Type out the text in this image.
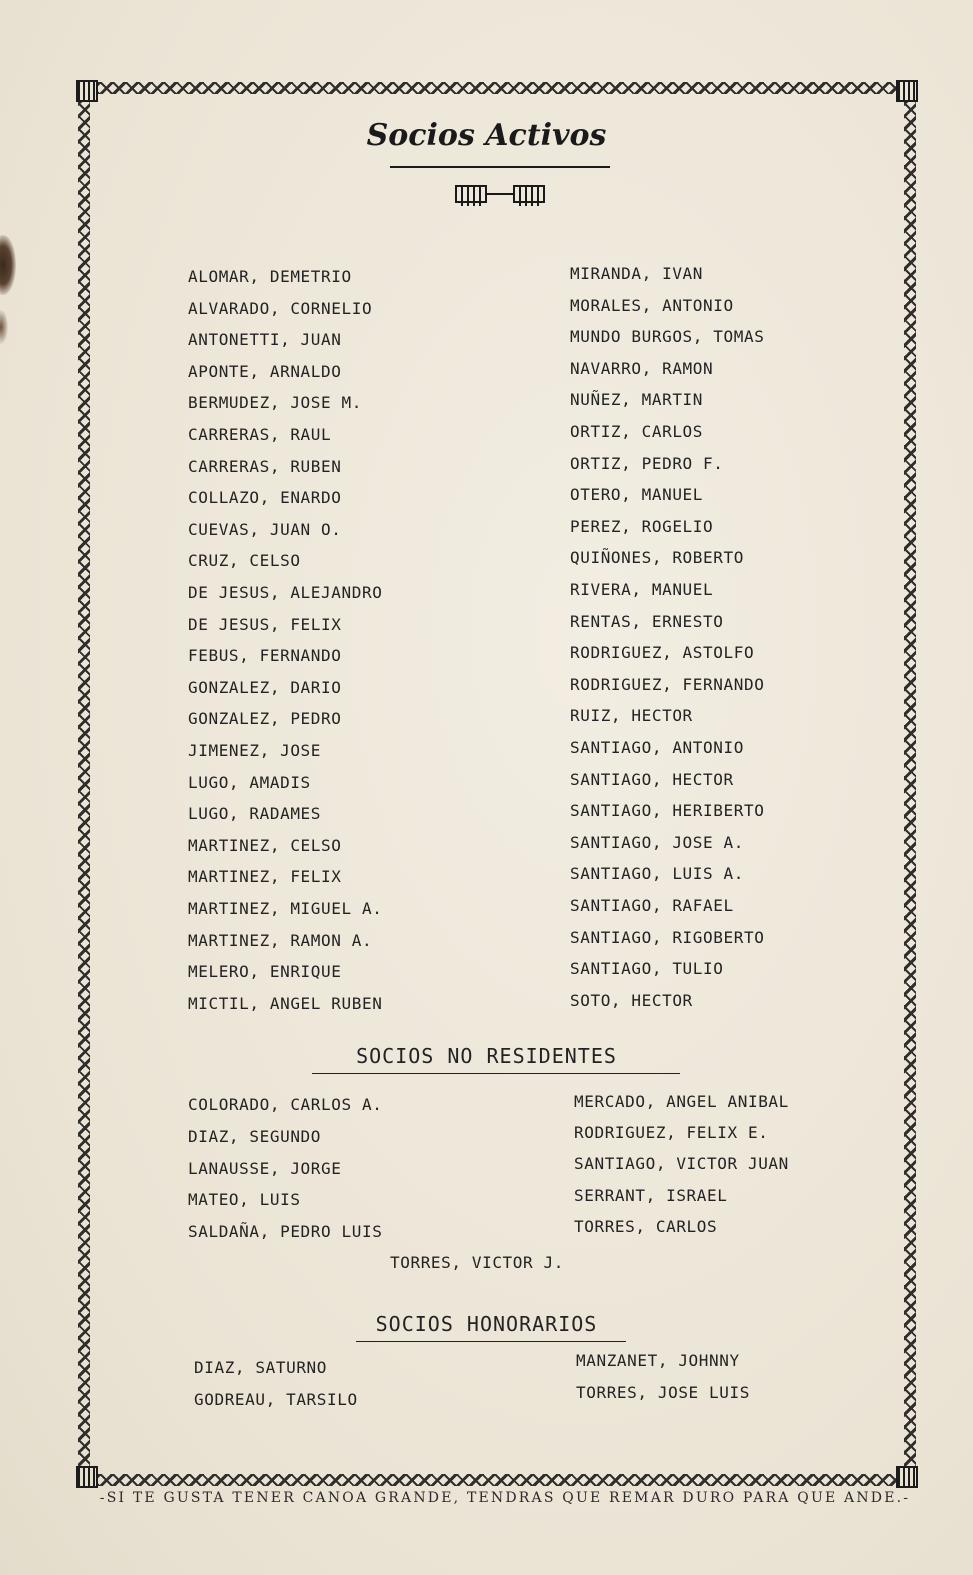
Socios Activos
ALOMAR, DEMETRIO
ALVARADO, CORNELIO
ANTONETTI, JUAN
APONTE, ARNALDO
BERMUDEZ, JOSE M.
CARRERAS, RAUL
CARRERAS, RUBEN
COLLAZO, ENARDO
CUEVAS, JUAN O.
CRUZ, CELSO
DE JESUS, ALEJANDRO
DE JESUS, FELIX
FEBUS, FERNANDO
GONZALEZ, DARIO
GONZALEZ, PEDRO
JIMENEZ, JOSE
LUGO, AMADIS
LUGO, RADAMES
MARTINEZ, CELSO
MARTINEZ, FELIX
MARTINEZ, MIGUEL A.
MARTINEZ, RAMON A.
MELERO, ENRIQUE
MICTIL, ANGEL RUBEN
MIRANDA, IVAN
MORALES, ANTONIO
MUNDO BURGOS, TOMAS
NAVARRO, RAMON
NUÑEZ, MARTIN
ORTIZ, CARLOS
ORTIZ, PEDRO F.
OTERO, MANUEL
PEREZ, ROGELIO
QUIÑONES, ROBERTO
RIVERA, MANUEL
RENTAS, ERNESTO
RODRIGUEZ, ASTOLFO
RODRIGUEZ, FERNANDO
RUIZ, HECTOR
SANTIAGO, ANTONIO
SANTIAGO, HECTOR
SANTIAGO, HERIBERTO
SANTIAGO, JOSE A.
SANTIAGO, LUIS A.
SANTIAGO, RAFAEL
SANTIAGO, RIGOBERTO
SANTIAGO, TULIO
SOTO, HECTOR
SOCIOS NO RESIDENTES
COLORADO, CARLOS A.
DIAZ, SEGUNDO
LANAUSSE, JORGE
MATEO, LUIS
SALDAÑA, PEDRO LUIS
MERCADO, ANGEL ANIBAL
RODRIGUEZ, FELIX E.
SANTIAGO, VICTOR JUAN
SERRANT, ISRAEL
TORRES, CARLOS
TORRES, VICTOR J.
SOCIOS HONORARIOS
DIAZ, SATURNO
GODREAU, TARSILO
MANZANET, JOHNNY
TORRES, JOSE LUIS
-SI TE GUSTA TENER CANOA GRANDE, TENDRAS QUE REMAR DURO PARA QUE ANDE.-
